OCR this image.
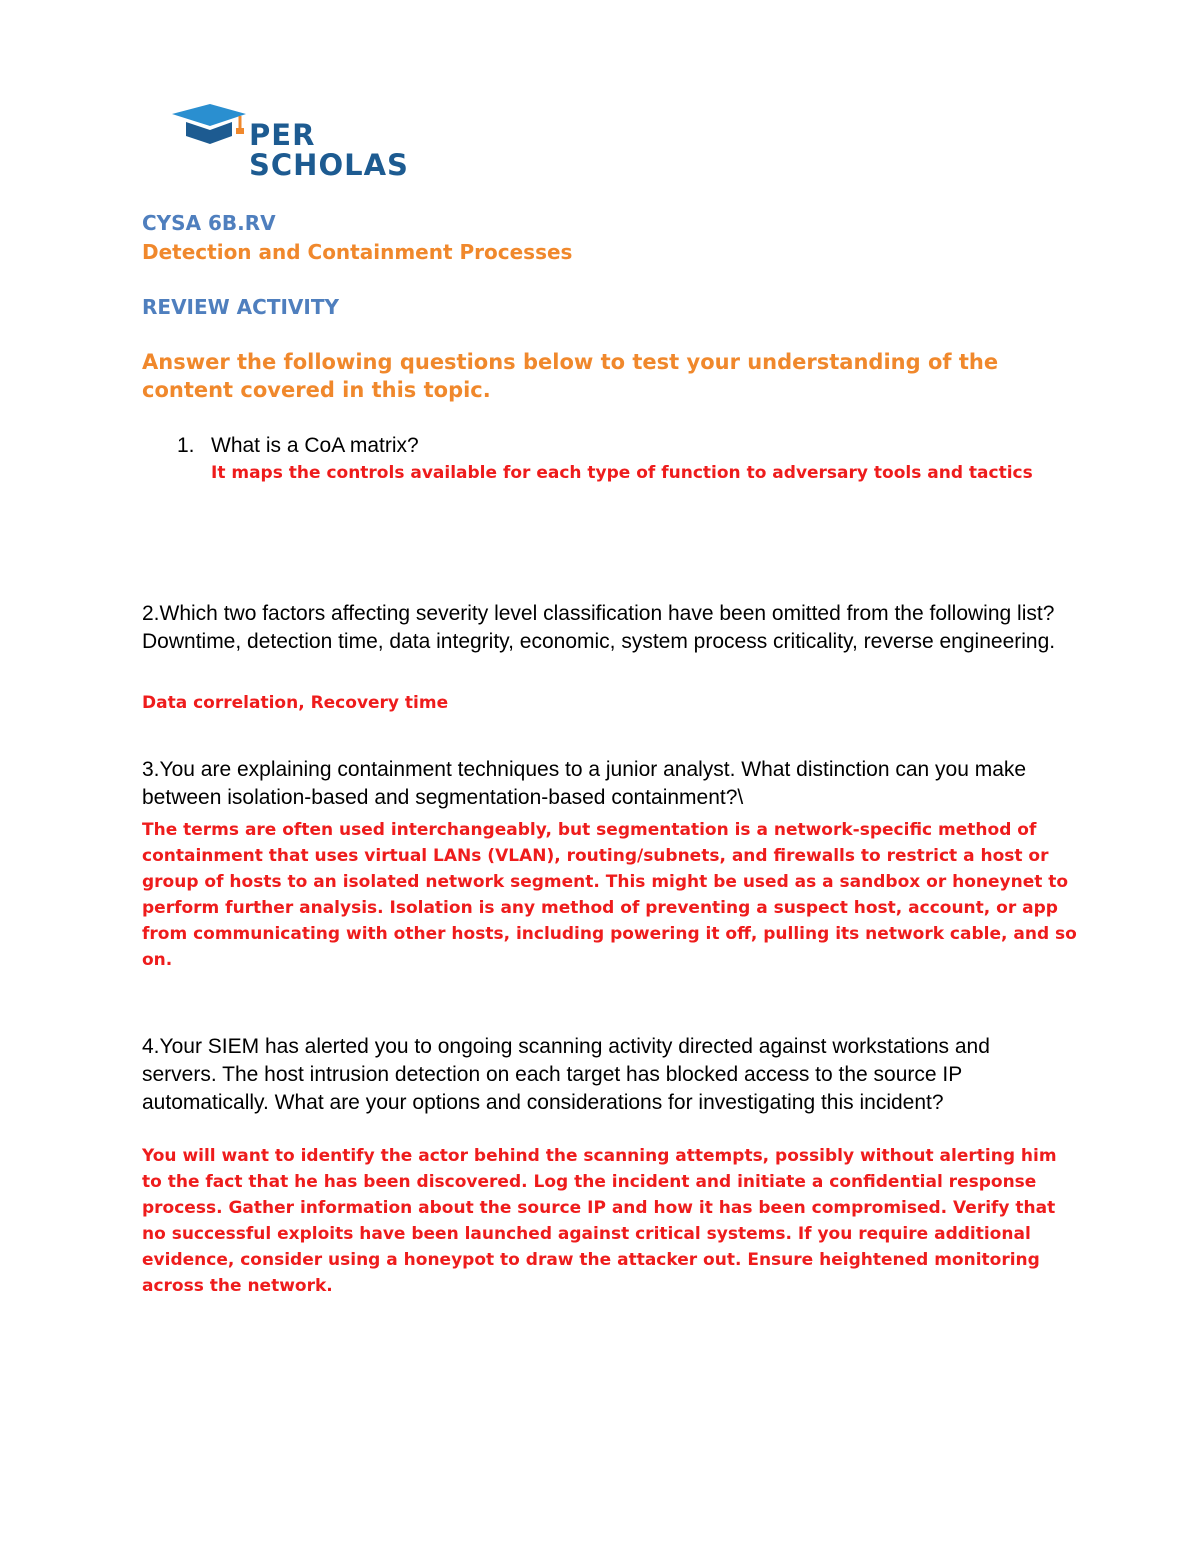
PER
SCHOLAS
CYSA 6B.RV
Detection and Containment Processes
REVIEW ACTIVITY

Answer the following questions below to test your understanding of the content covered in this topic.

1. What is a CoA matrix?

It maps the controls available for each type of function to adversary tools and tactics

2.Which two factors affecting severity level classification have been omitted from the following list? Downtime, detection time, data integrity, economic, system process criticality, reverse engineering.

Data correlation, Recovery time

3.You are explaining containment techniques to a junior analyst. What distinction can you make between isolation-based and segmentation-based containment?\

The terms are often used interchangeably, but segmentation is a network-specific method of containment that uses virtual LANs (VLAN), routing/subnets, and firewalls to restrict a host or group of hosts to an isolated network segment. This might be used as a sandbox or honeynet to perform further analysis. Isolation is any method of preventing a suspect host, account, or app from communicating with other hosts, including powering it off, pulling its network cable, and so on.

4.Your SIEM has alerted you to ongoing scanning activity directed against workstations and servers. The host intrusion detection on each target has blocked access to the source IP automatically. What are your options and considerations for investigating this incident?

You will want to identify the actor behind the scanning attempts, possibly without alerting him to the fact that he has been discovered. Log the incident and initiate a confidential response process. Gather information about the source IP and how it has been compromised. Verify that no successful exploits have been launched against critical systems. If you require additional evidence, consider using a honeypot to draw the attacker out. Ensure heightened monitoring across the network.
